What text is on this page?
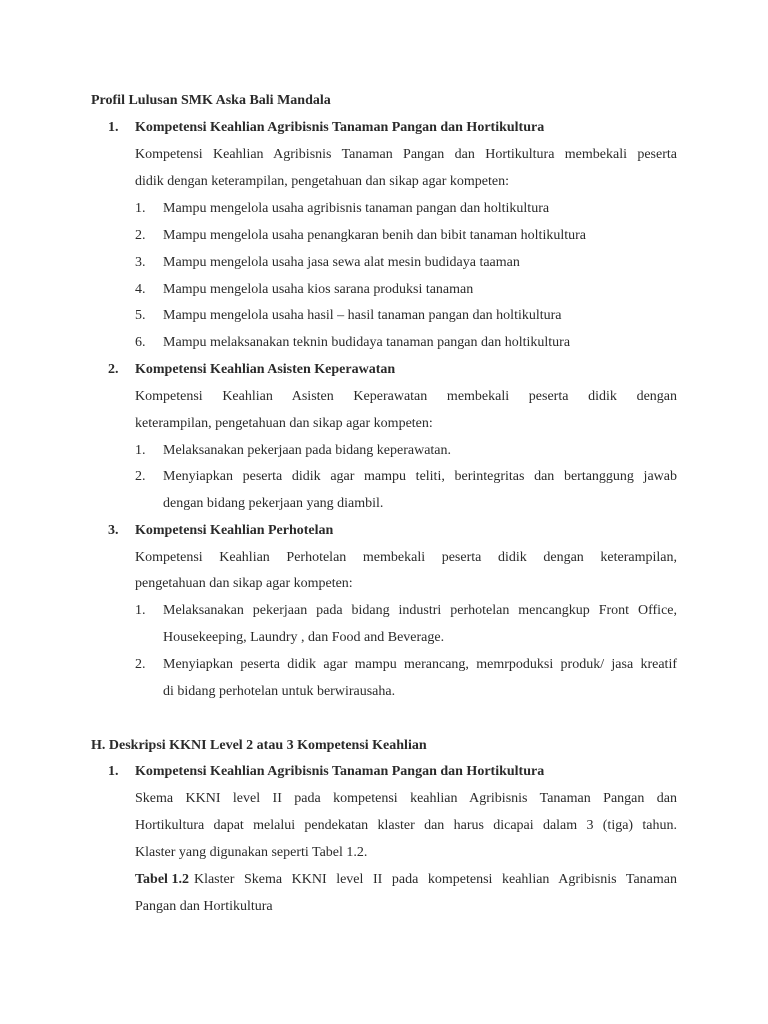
Profil Lulusan SMK Aska Bali Mandala
1. Kompetensi Keahlian Agribisnis Tanaman Pangan dan Hortikultura
Kompetensi Keahlian Agribisnis Tanaman Pangan dan Hortikultura membekali peserta
didik dengan keterampilan, pengetahuan dan sikap agar kompeten:
1. Mampu mengelola usaha agribisnis tanaman pangan dan holtikultura
2. Mampu mengelola usaha penangkaran benih dan bibit tanaman holtikultura
3. Mampu mengelola usaha jasa sewa alat mesin budidaya taaman
4. Mampu mengelola usaha kios sarana produksi tanaman
5. Mampu mengelola usaha hasil – hasil tanaman pangan dan holtikultura
6. Mampu melaksanakan teknin budidaya tanaman pangan dan holtikultura
2. Kompetensi Keahlian Asisten Keperawatan
Kompetensi Keahlian Asisten Keperawatan membekali peserta didik dengan
keterampilan, pengetahuan dan sikap agar kompeten:
1. Melaksanakan pekerjaan pada bidang keperawatan.
2. Menyiapkan peserta didik agar mampu teliti, berintegritas dan bertanggung jawab
dengan bidang pekerjaan yang diambil.
3. Kompetensi Keahlian Perhotelan
Kompetensi Keahlian Perhotelan membekali peserta didik dengan keterampilan,
pengetahuan dan sikap agar kompeten:
1. Melaksanakan pekerjaan pada bidang industri perhotelan mencangkup Front Office,
Housekeeping, Laundry , dan Food and Beverage.
2. Menyiapkan peserta didik agar mampu merancang, memrpoduksi produk/ jasa kreatif
di bidang perhotelan untuk berwirausaha.
H. Deskripsi KKNI Level 2 atau 3 Kompetensi Keahlian
1. Kompetensi Keahlian Agribisnis Tanaman Pangan dan Hortikultura
Skema KKNI level II pada kompetensi keahlian Agribisnis Tanaman Pangan dan
Hortikultura dapat melalui pendekatan klaster dan harus dicapai dalam 3 (tiga) tahun.
Klaster yang digunakan seperti Tabel 1.2.
Tabel 1.2 Klaster Skema KKNI level II pada kompetensi keahlian Agribisnis Tanaman
Pangan dan Hortikultura
